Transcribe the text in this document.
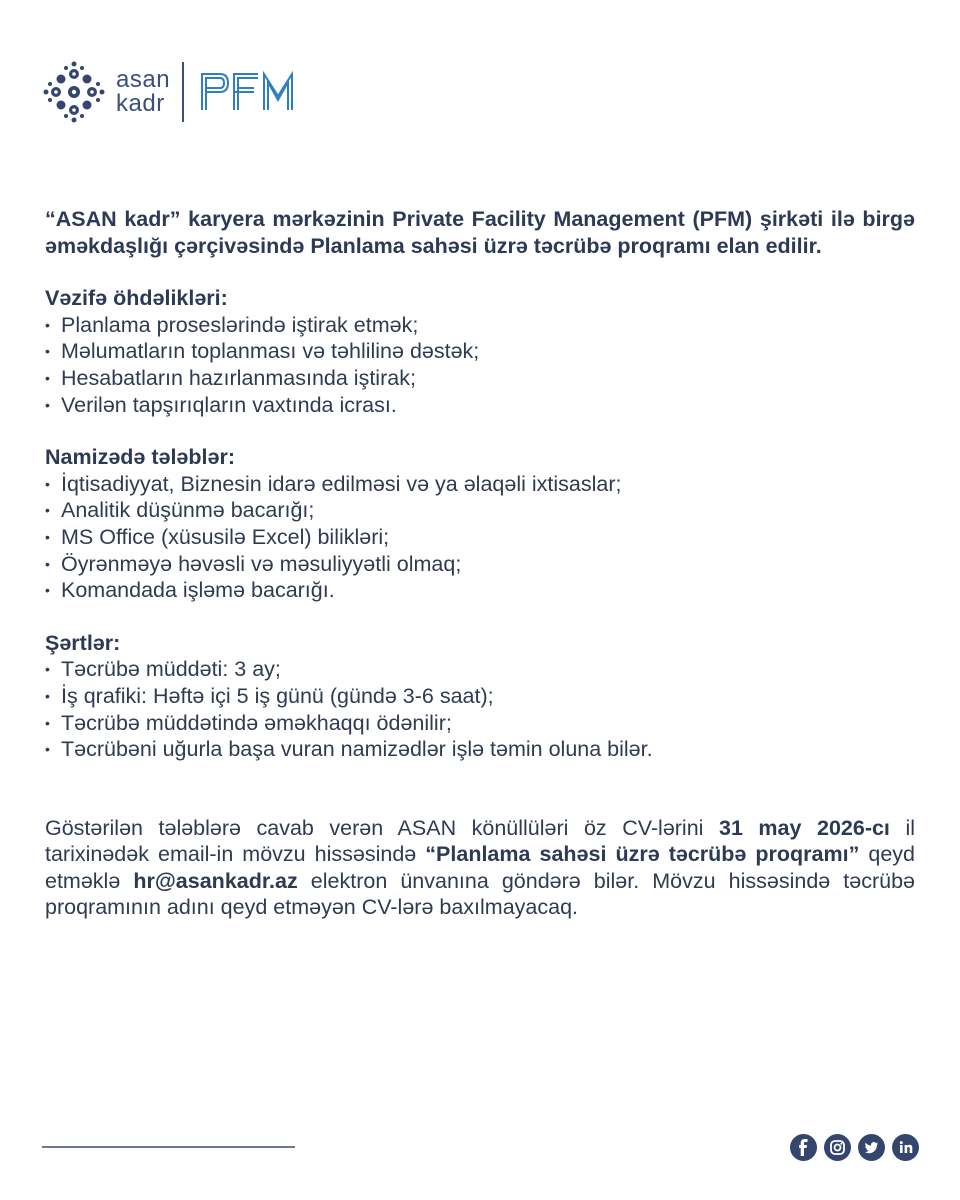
asan
kadr

“ASAN kadr” karyera mərkəzinin Private Facility Management (PFM) şirkəti ilə birgə əməkdaşlığı çərçivəsində Planlama sahəsi üzrə təcrübə proqramı elan edilir.

Vəzifə öhdəlikləri:
• Planlama proseslərində iştirak etmək;
• Məlumatların toplanması və təhlilinə dəstək;
• Hesabatların hazırlanmasında iştirak;
• Verilən tapşırıqların vaxtında icrası.
Namizədə tələblər:
• İqtisadiyyat, Biznesin idarə edilməsi və ya əlaqəli ixtisaslar;
• Analitik düşünmə bacarığı;
• MS Office (xüsusilə Excel) bilikləri;
• Öyrənməyə həvəsli və məsuliyyətli olmaq;
• Komandada işləmə bacarığı.
Şərtlər:
• Təcrübə müddəti: 3 ay;
• İş qrafiki: Həftə içi 5 iş günü (gündə 3-6 saat);
• Təcrübə müddətində əməkhaqqı ödənilir;
• Təcrübəni uğurla başa vuran namizədlər işlə təmin oluna bilər.

Göstərilən tələblərə cavab verən ASAN könüllüləri öz CV-lərini 31 may 2026-cı il tarixinədək email-in mövzu hissəsində “Planlama sahəsi üzrə təcrübə proqramı” qeyd etməklə hr@asankadr.az elektron ünvanına göndərə bilər. Mövzu hissəsində təcrübə proqramının adını qeyd etməyən CV-lərə baxılmayacaq.
